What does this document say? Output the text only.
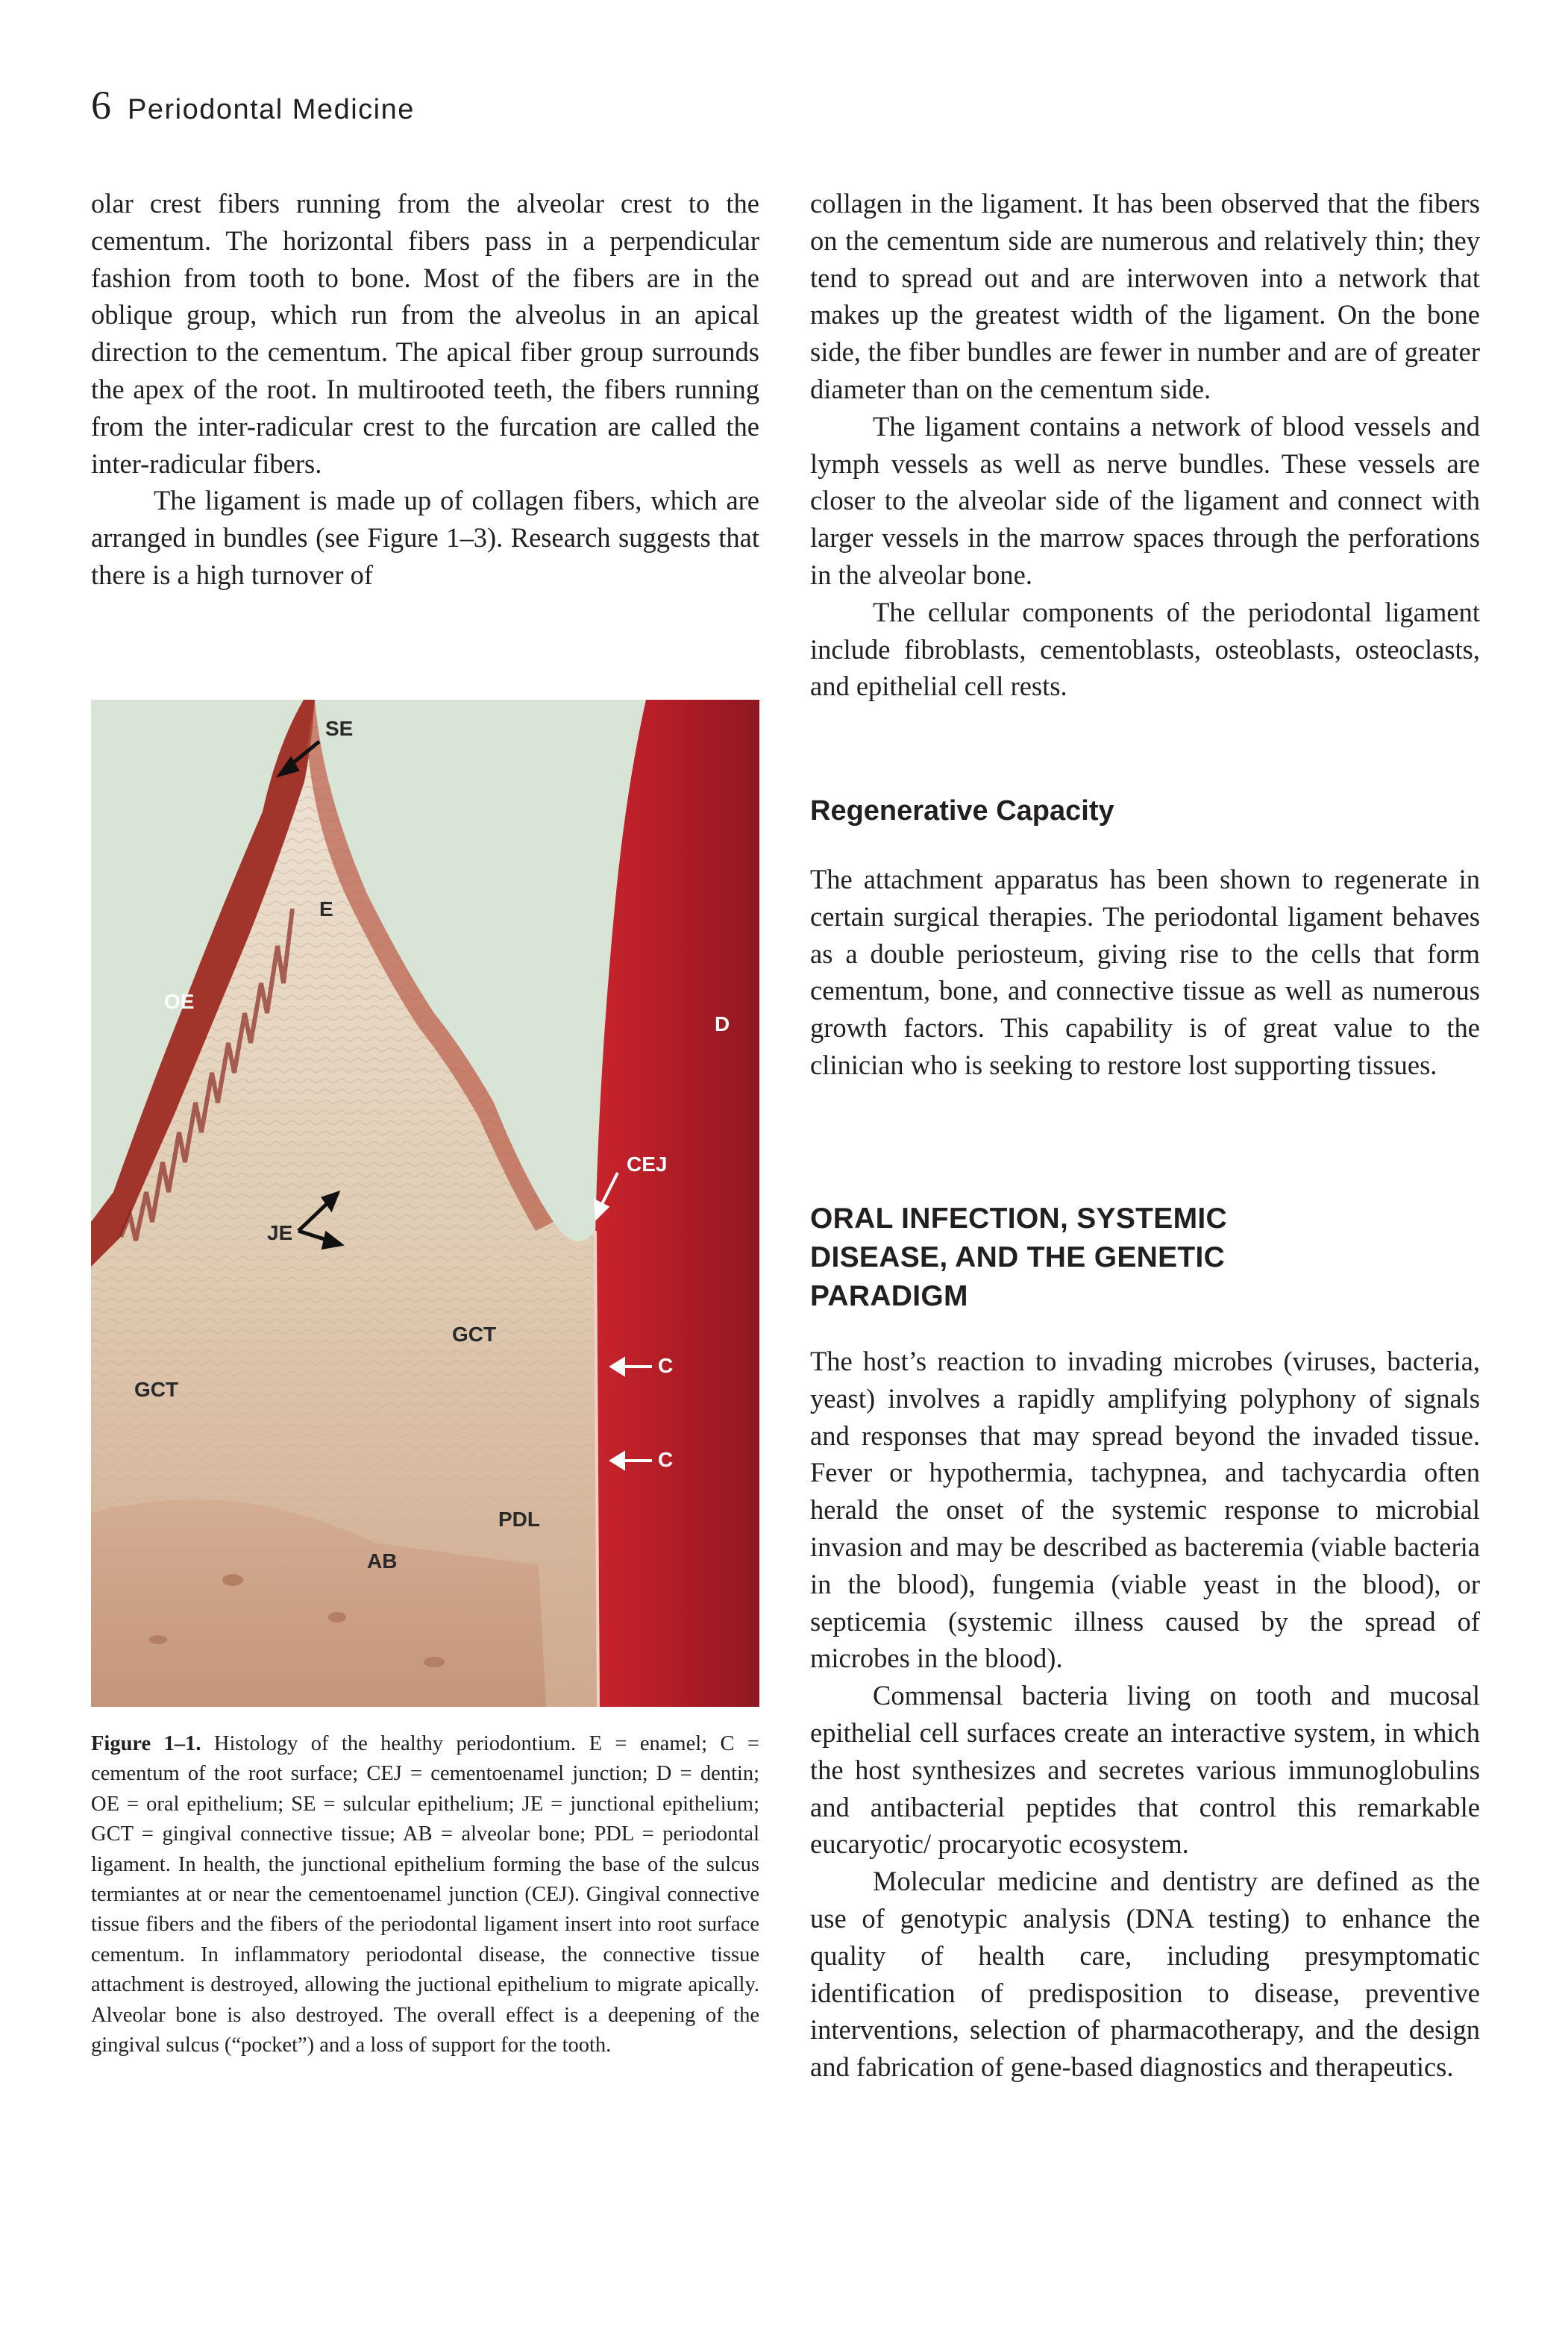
6 Periodontal Medicine

olar crest fibers running from the alveolar crest to the cementum. The horizontal fibers pass in a perpendicular fashion from tooth to bone. Most of the fibers are in the oblique group, which run from the alveolus in an apical direction to the cementum. The apical fiber group surrounds the apex of the root. In multirooted teeth, the fibers running from the inter-radicular crest to the furcation are called the inter-radicular fibers.

The ligament is made up of collagen fibers, which are arranged in bundles (see Figure 1–3). Research suggests that there is a high turnover of

SE
E
OE
D
CEJ
JE
GCT
C
GCT
C
PDL
AB

Figure 1–1. Histology of the healthy periodontium. E = enamel; C = cementum of the root surface; CEJ = cementoenamel junction; D = dentin; OE = oral epithelium; SE = sulcular epithelium; JE = junctional epithelium; GCT = gingival connective tissue; AB = alveolar bone; PDL = periodontal ligament. In health, the junctional epithelium forming the base of the sulcus termiantes at or near the cementoenamel junction (CEJ). Gingival connective tissue fibers and the fibers of the periodontal ligament insert into root surface cementum. In inflammatory periodontal disease, the connective tissue attachment is destroyed, allowing the juctional epithelium to migrate apically. Alveolar bone is also destroyed. The overall effect is a deepening of the gingival sulcus (“pocket”) and a loss of support for the tooth.

collagen in the ligament. It has been observed that the fibers on the cementum side are numerous and relatively thin; they tend to spread out and are interwoven into a network that makes up the greatest width of the ligament. On the bone side, the fiber bundles are fewer in number and are of greater diameter than on the cementum side.

The ligament contains a network of blood vessels and lymph vessels as well as nerve bundles. These vessels are closer to the alveolar side of the ligament and connect with larger vessels in the marrow spaces through the perforations in the alveolar bone.

The cellular components of the periodontal ligament include fibroblasts, cementoblasts, osteoblasts, osteoclasts, and epithelial cell rests.

Regenerative Capacity

The attachment apparatus has been shown to regenerate in certain surgical therapies. The periodontal ligament behaves as a double periosteum, giving rise to the cells that form cementum, bone, and connective tissue as well as numerous growth factors. This capability is of great value to the clinician who is seeking to restore lost supporting tissues.

ORAL INFECTION, SYSTEMIC
DISEASE, AND THE GENETIC
PARADIGM

The host’s reaction to invading microbes (viruses, bacteria, yeast) involves a rapidly amplifying polyphony of signals and responses that may spread beyond the invaded tissue. Fever or hypothermia, tachypnea, and tachycardia often herald the onset of the systemic response to microbial invasion and may be described as bacteremia (viable bacteria in the blood), fungemia (viable yeast in the blood), or septicemia (systemic illness caused by the spread of microbes in the blood).

Commensal bacteria living on tooth and mucosal epithelial cell surfaces create an interactive system, in which the host synthesizes and secretes various immunoglobulins and antibacterial peptides that control this remarkable eucaryotic/ procaryotic ecosystem.

Molecular medicine and dentistry are defined as the use of genotypic analysis (DNA testing) to enhance the quality of health care, including presymptomatic identification of predisposition to disease, preventive interventions, selection of pharmacotherapy, and the design and fabrication of gene-based diagnostics and therapeutics.
